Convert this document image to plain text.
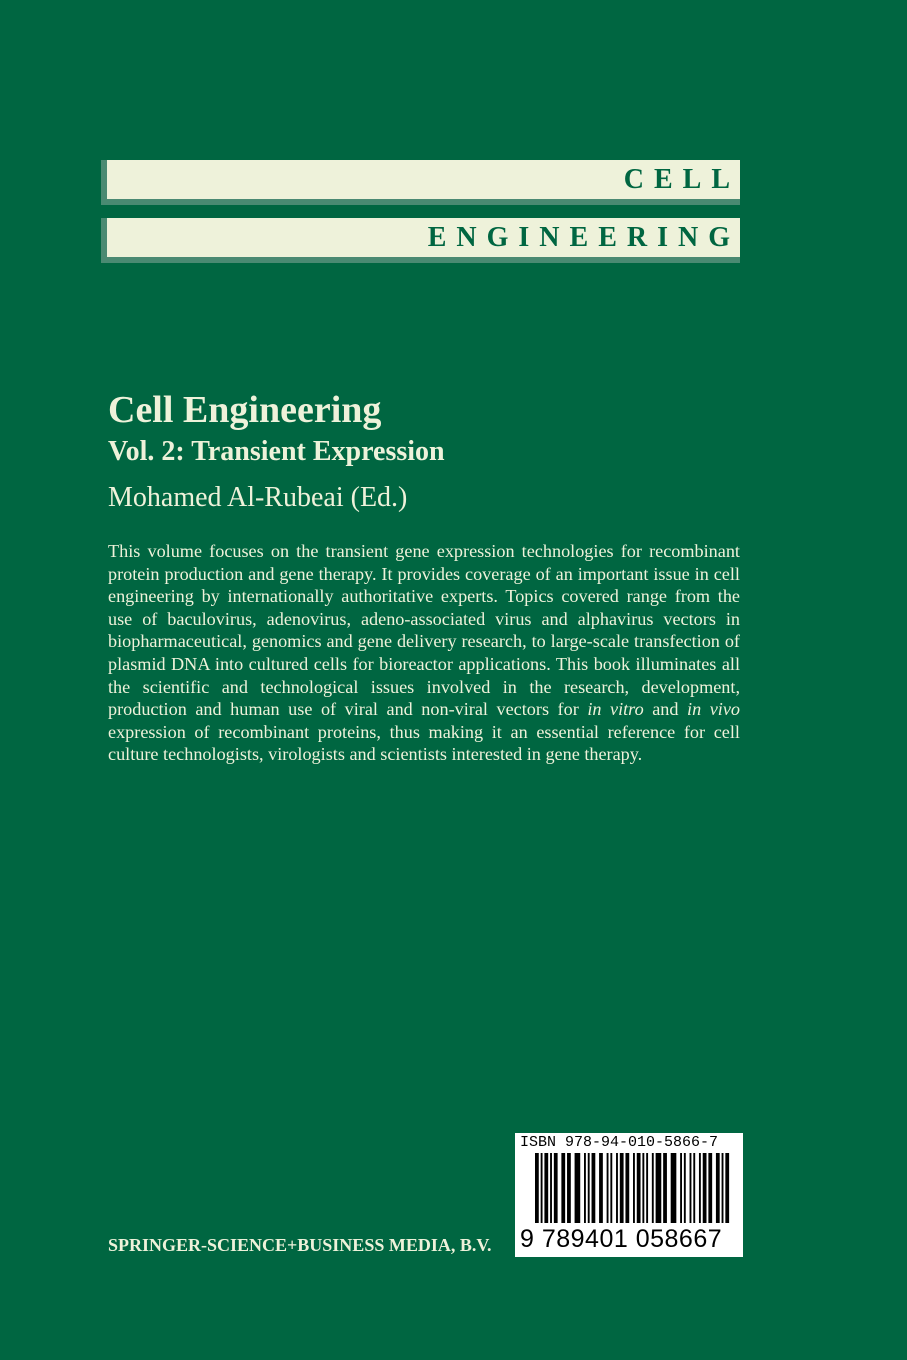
CELL
ENGINEERING
Cell Engineering
Vol. 2: Transient Expression

Mohamed Al-Rubeai (Ed.)

This volume focuses on the transient gene expression technologies for recombinant protein production and gene therapy. It provides coverage of an important issue in cell engineering by internationally authoritative experts. Topics covered range from the use of baculovirus, adenovirus, adeno-associated virus and alphavirus vectors in biopharmaceutical, genomics and gene delivery research, to large-scale transfection of plasmid DNA into cultured cells for bioreactor applications. This book illuminates all the scientific and technological issues involved in the research, development, production and human use of viral and non-viral vectors for in vitro and in vivo expression of recombinant proteins, thus making it an essential reference for cell culture technologists, virologists and scientists interested in gene therapy.

SPRINGER-SCIENCE+BUSINESS MEDIA, B.V.

ISBN 978-94-010-5866-7
9 789401 058667
